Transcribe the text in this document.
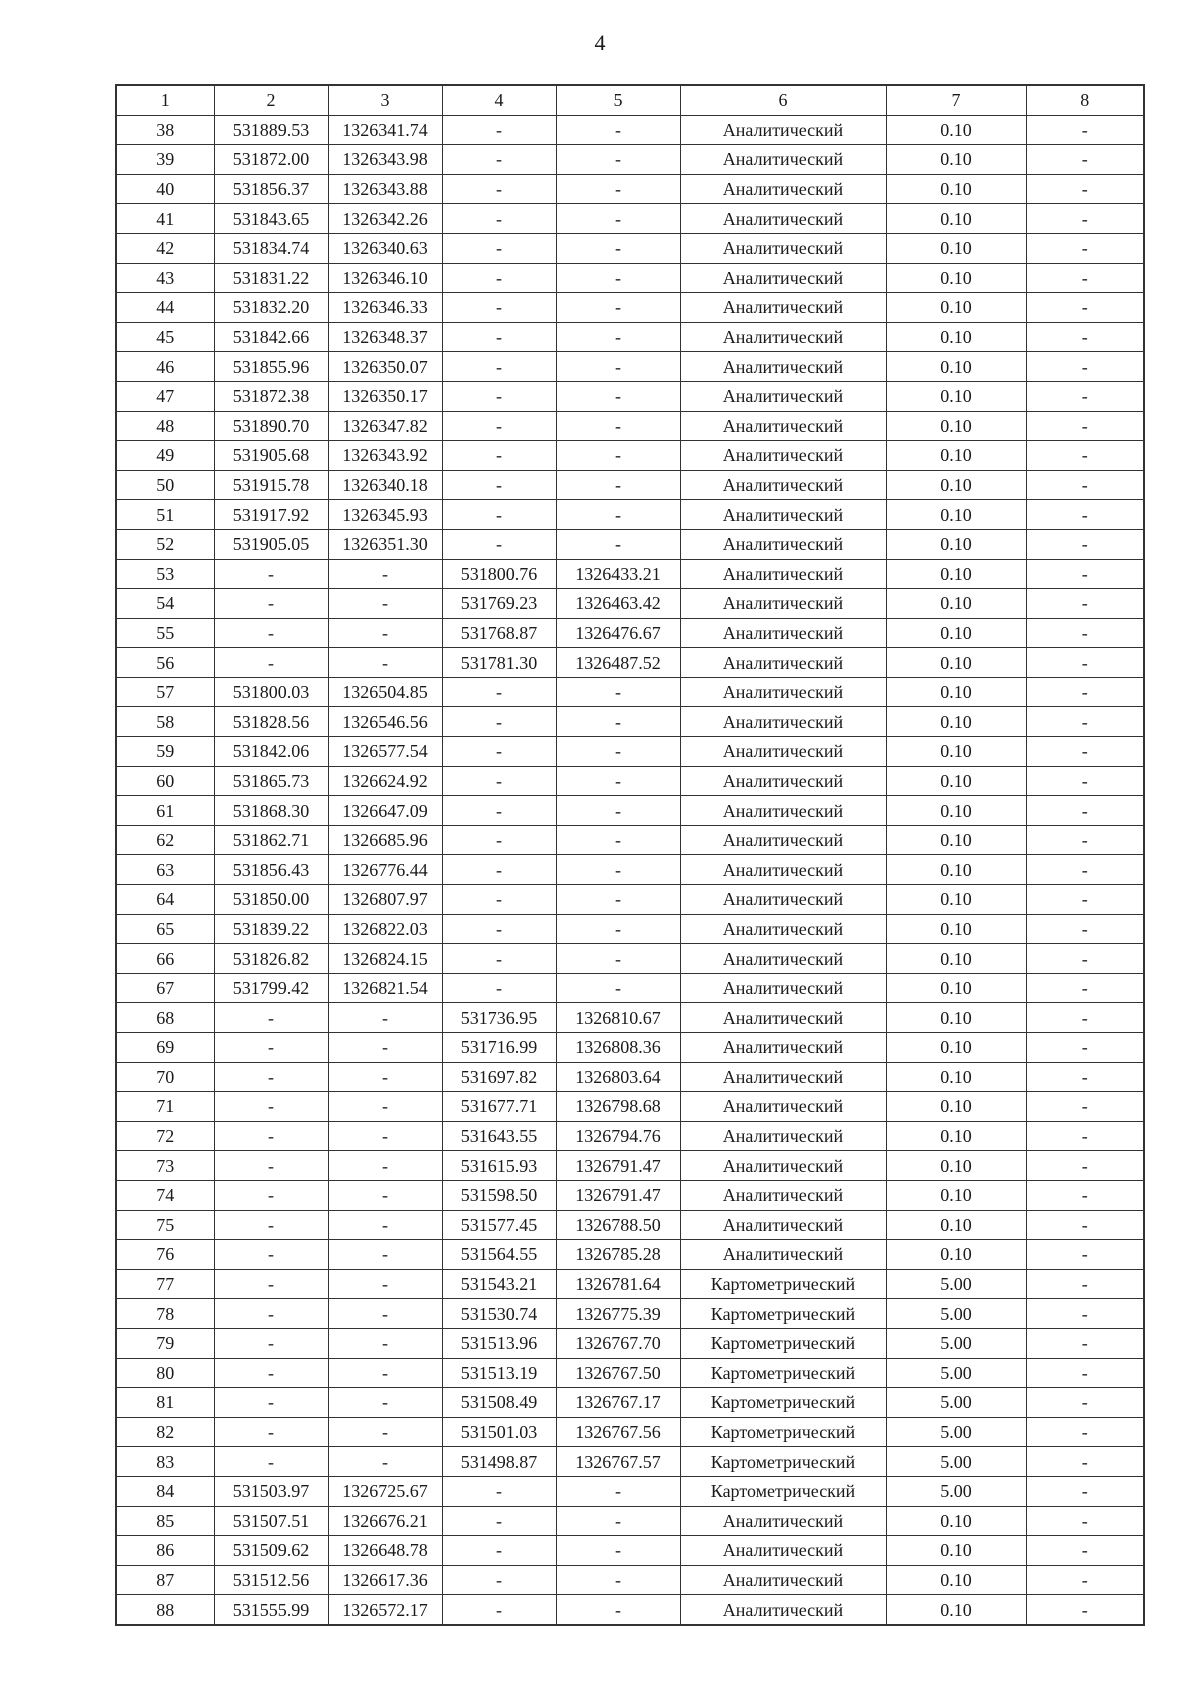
4
1	2	3	4	5	6	7	8
38	531889.53	1326341.74	-	-	Аналитический	0.10	-
39	531872.00	1326343.98	-	-	Аналитический	0.10	-
40	531856.37	1326343.88	-	-	Аналитический	0.10	-
41	531843.65	1326342.26	-	-	Аналитический	0.10	-
42	531834.74	1326340.63	-	-	Аналитический	0.10	-
43	531831.22	1326346.10	-	-	Аналитический	0.10	-
44	531832.20	1326346.33	-	-	Аналитический	0.10	-
45	531842.66	1326348.37	-	-	Аналитический	0.10	-
46	531855.96	1326350.07	-	-	Аналитический	0.10	-
47	531872.38	1326350.17	-	-	Аналитический	0.10	-
48	531890.70	1326347.82	-	-	Аналитический	0.10	-
49	531905.68	1326343.92	-	-	Аналитический	0.10	-
50	531915.78	1326340.18	-	-	Аналитический	0.10	-
51	531917.92	1326345.93	-	-	Аналитический	0.10	-
52	531905.05	1326351.30	-	-	Аналитический	0.10	-
53	-	-	531800.76	1326433.21	Аналитический	0.10	-
54	-	-	531769.23	1326463.42	Аналитический	0.10	-
55	-	-	531768.87	1326476.67	Аналитический	0.10	-
56	-	-	531781.30	1326487.52	Аналитический	0.10	-
57	531800.03	1326504.85	-	-	Аналитический	0.10	-
58	531828.56	1326546.56	-	-	Аналитический	0.10	-
59	531842.06	1326577.54	-	-	Аналитический	0.10	-
60	531865.73	1326624.92	-	-	Аналитический	0.10	-
61	531868.30	1326647.09	-	-	Аналитический	0.10	-
62	531862.71	1326685.96	-	-	Аналитический	0.10	-
63	531856.43	1326776.44	-	-	Аналитический	0.10	-
64	531850.00	1326807.97	-	-	Аналитический	0.10	-
65	531839.22	1326822.03	-	-	Аналитический	0.10	-
66	531826.82	1326824.15	-	-	Аналитический	0.10	-
67	531799.42	1326821.54	-	-	Аналитический	0.10	-
68	-	-	531736.95	1326810.67	Аналитический	0.10	-
69	-	-	531716.99	1326808.36	Аналитический	0.10	-
70	-	-	531697.82	1326803.64	Аналитический	0.10	-
71	-	-	531677.71	1326798.68	Аналитический	0.10	-
72	-	-	531643.55	1326794.76	Аналитический	0.10	-
73	-	-	531615.93	1326791.47	Аналитический	0.10	-
74	-	-	531598.50	1326791.47	Аналитический	0.10	-
75	-	-	531577.45	1326788.50	Аналитический	0.10	-
76	-	-	531564.55	1326785.28	Аналитический	0.10	-
77	-	-	531543.21	1326781.64	Картометрический	5.00	-
78	-	-	531530.74	1326775.39	Картометрический	5.00	-
79	-	-	531513.96	1326767.70	Картометрический	5.00	-
80	-	-	531513.19	1326767.50	Картометрический	5.00	-
81	-	-	531508.49	1326767.17	Картометрический	5.00	-
82	-	-	531501.03	1326767.56	Картометрический	5.00	-
83	-	-	531498.87	1326767.57	Картометрический	5.00	-
84	531503.97	1326725.67	-	-	Картометрический	5.00	-
85	531507.51	1326676.21	-	-	Аналитический	0.10	-
86	531509.62	1326648.78	-	-	Аналитический	0.10	-
87	531512.56	1326617.36	-	-	Аналитический	0.10	-
88	531555.99	1326572.17	-	-	Аналитический	0.10	-
